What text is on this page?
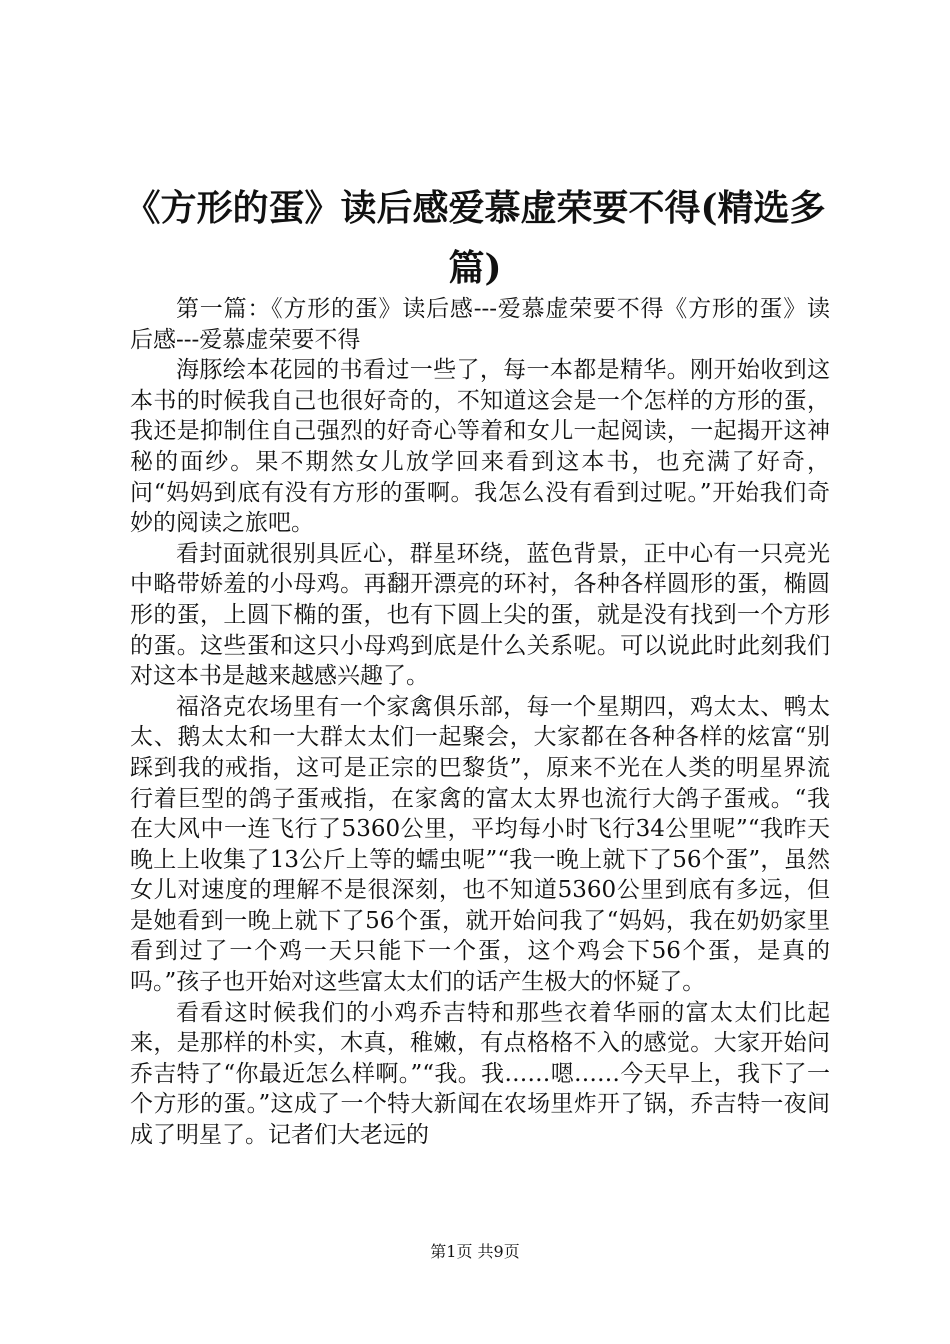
《方形的蛋》读后感爱慕虚荣要不得(精选多篇)

第一篇：《方形的蛋》读后感---爱慕虚荣要不得《方形的蛋》读后感---爱慕虚荣要不得

海豚绘本花园的书看过一些了，每一本都是精华。刚开始收到这本书的时候我自己也很好奇的，不知道这会是一个怎样的方形的蛋，我还是抑制住自己强烈的好奇心等着和女儿一起阅读，一起揭开这神秘的面纱。果不期然女儿放学回来看到这本书，也充满了好奇，问“妈妈到底有没有方形的蛋啊。我怎么没有看到过呢。”开始我们奇妙的阅读之旅吧。

看封面就很别具匠心，群星环绕，蓝色背景，正中心有一只亮光中略带娇羞的小母鸡。再翻开漂亮的环衬，各种各样圆形的蛋，椭圆形的蛋，上圆下椭的蛋，也有下圆上尖的蛋，就是没有找到一个方形的蛋。这些蛋和这只小母鸡到底是什么关系呢。可以说此时此刻我们对这本书是越来越感兴趣了。

福洛克农场里有一个家禽俱乐部，每一个星期四，鸡太太、鸭太太、鹅太太和一大群太太们一起聚会，大家都在各种各样的炫富“别踩到我的戒指，这可是正宗的巴黎货”，原来不光在人类的明星界流行着巨型的鸽子蛋戒指，在家禽的富太太界也流行大鸽子蛋戒。“我在大风中一连飞行了5360公里，平均每小时飞行34公里呢”“我昨天晚上上收集了13公斤上等的蠕虫呢”“我一晚上就下了56个蛋”，虽然女儿对速度的理解不是很深刻，也不知道5360公里到底有多远，但是她看到一晚上就下了56个蛋，就开始问我了“妈妈，我在奶奶家里看到过了一个鸡一天只能下一个蛋，这个鸡会下56个蛋，是真的吗。”孩子也开始对这些富太太们的话产生极大的怀疑了。

看看这时候我们的小鸡乔吉特和那些衣着华丽的富太太们比起来，是那样的朴实，木真，稚嫩，有点格格不入的感觉。大家开始问乔吉特了“你最近怎么样啊。”“我。我……嗯……今天早上，我下了一个方形的蛋。”这成了一个特大新闻在农场里炸开了锅，乔吉特一夜间成了明星了。记者们大老远的

第1页 共9页
